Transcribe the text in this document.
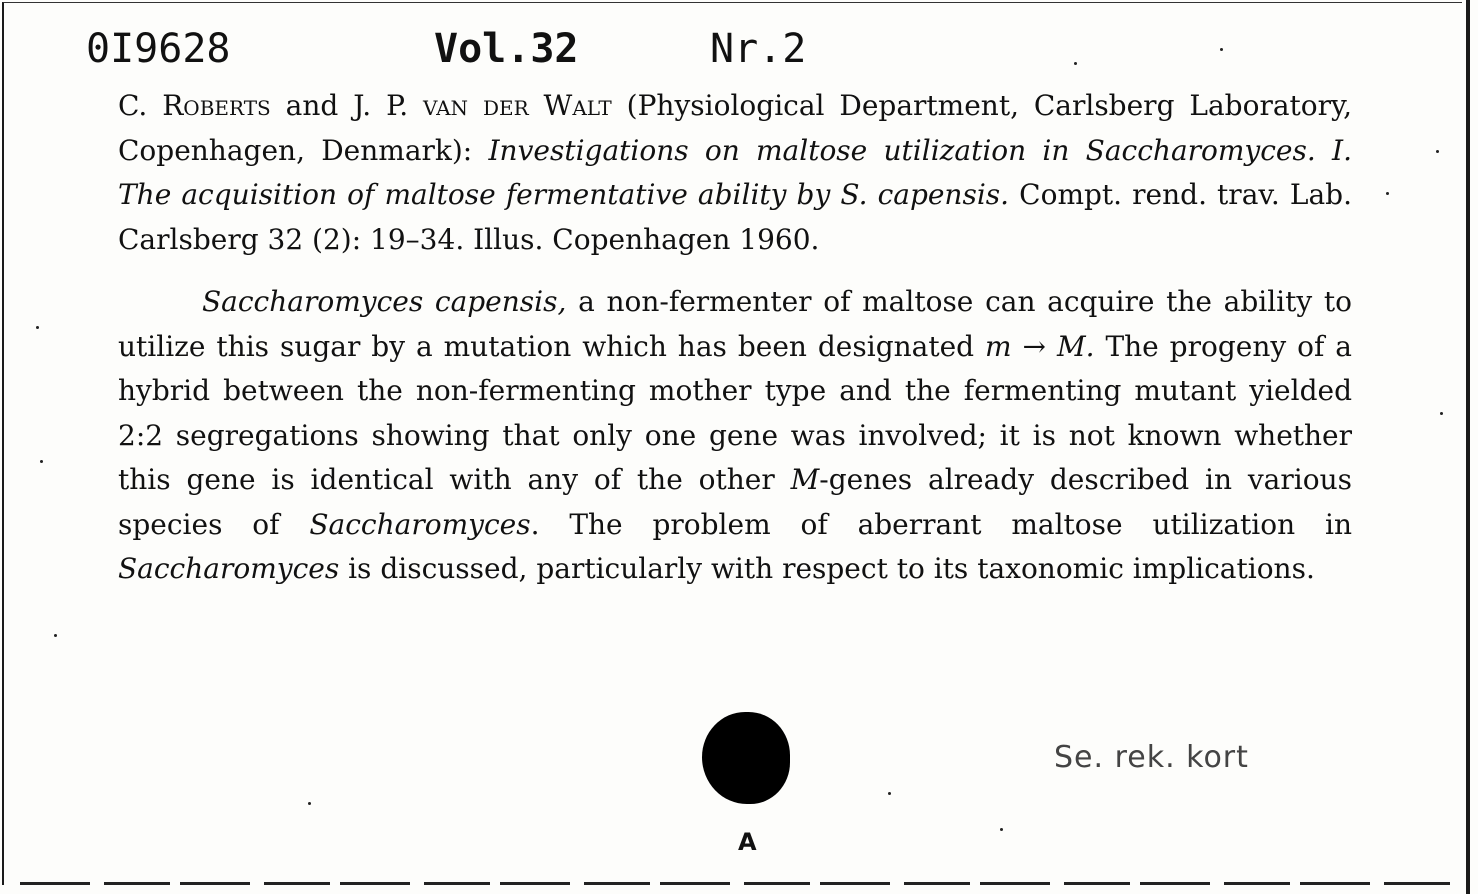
0I9628	Vol.32	Nr.2
C. Roberts and J. P. van der Walt (Physiological Department, Carlsberg Laboratory, Copenhagen, Denmark): Investigations on maltose utilization in Saccharomyces. I. The acquisition of maltose fermentative ability by S. capensis. Compt. rend. trav. Lab. Carlsberg 32 (2): 19–34. Illus. Copenhagen 1960.

Saccharomyces capensis, a non-fermenter of maltose can acquire the ability to utilize this sugar by a mutation which has been designated m → M. The progeny of a hybrid between the non-fermenting mother type and the fermenting mutant yielded 2:2 segregations showing that only one gene was involved; it is not known whether this gene is identical with any of the other M-genes already described in various species of Saccharomyces. The problem of aberrant maltose utilization in Saccharomyces is discussed, particularly with respect to its taxonomic implications.

Se. rek. kort
A
